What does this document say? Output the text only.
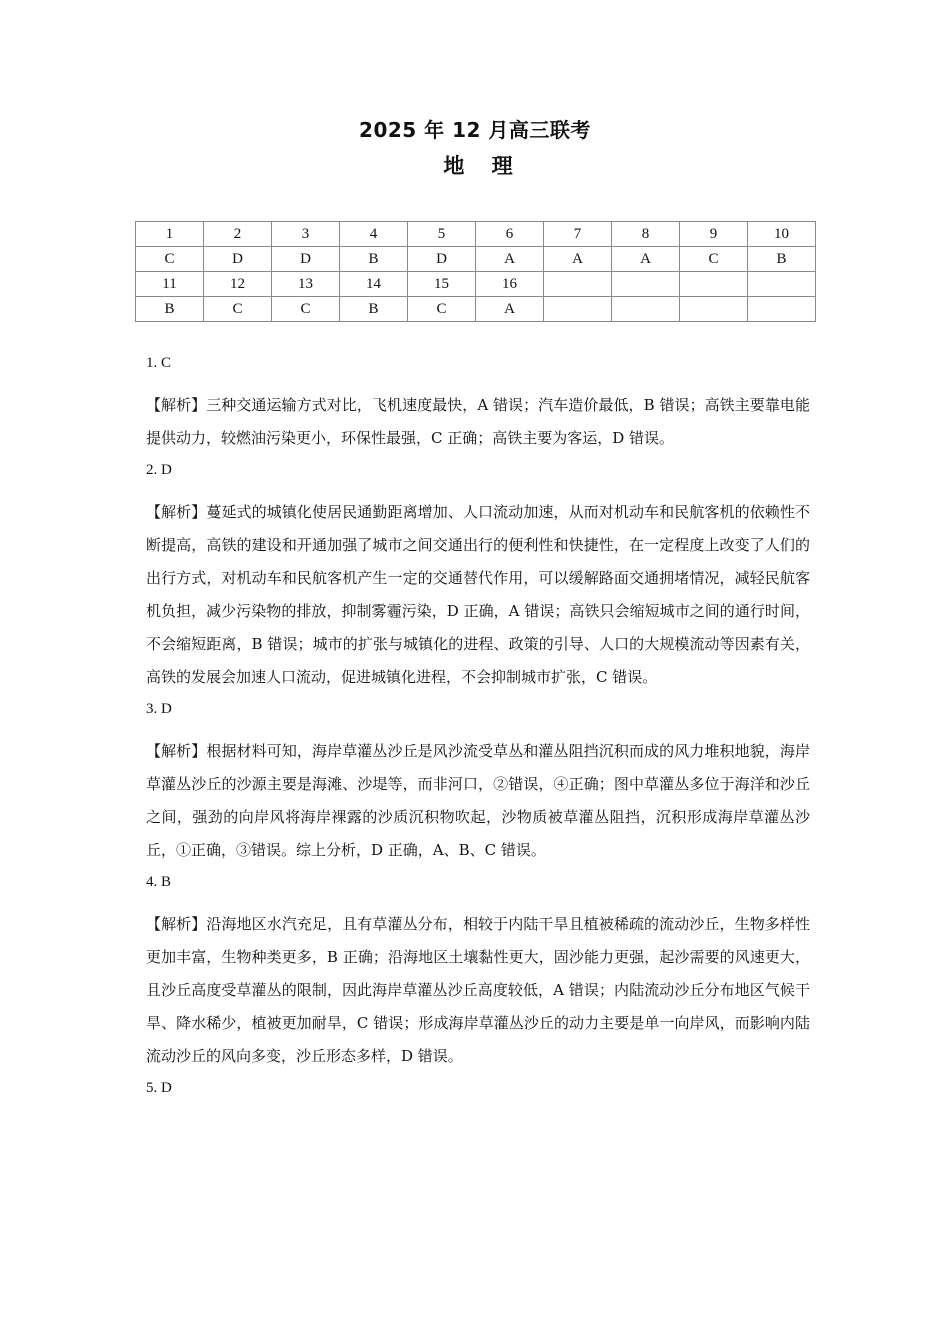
2025 年 12 月高三联考
地 理
1	2	3	4	5	6	7	8	9	10
C	D	D	B	D	A	A	A	C	B
11	12	13	14	15	16				
B	C	C	B	C	A				
1. C
【解析】三种交通运输方式对比，飞机速度最快，A 错误；汽车造价最低，B 错误；高铁主要靠电能提供动力，较燃油污染更小，环保性最强，C 正确；高铁主要为客运，D 错误。
2. D
【解析】蔓延式的城镇化使居民通勤距离增加、人口流动加速，从而对机动车和民航客机的依赖性不断提高，高铁的建设和开通加强了城市之间交通出行的便利性和快捷性，在一定程度上改变了人们的出行方式，对机动车和民航客机产生一定的交通替代作用，可以缓解路面交通拥堵情况，减轻民航客机负担，减少污染物的排放，抑制雾霾污染，D 正确，A 错误；高铁只会缩短城市之间的通行时间，不会缩短距离，B 错误；城市的扩张与城镇化的进程、政策的引导、人口的大规模流动等因素有关，高铁的发展会加速人口流动，促进城镇化进程，不会抑制城市扩张，C 错误。
3. D
【解析】根据材料可知，海岸草灌丛沙丘是风沙流受草丛和灌丛阻挡沉积而成的风力堆积地貌，海岸草灌丛沙丘的沙源主要是海滩、沙堤等，而非河口，②错误，④正确；图中草灌丛多位于海洋和沙丘之间，强劲的向岸风将海岸裸露的沙质沉积物吹起，沙物质被草灌丛阻挡，沉积形成海岸草灌丛沙丘，①正确，③错误。综上分析，D 正确，A、B、C 错误。
4. B
【解析】沿海地区水汽充足，且有草灌丛分布，相较于内陆干旱且植被稀疏的流动沙丘，生物多样性更加丰富，生物种类更多，B 正确；沿海地区土壤黏性更大，固沙能力更强，起沙需要的风速更大，且沙丘高度受草灌丛的限制，因此海岸草灌丛沙丘高度较低，A 错误；内陆流动沙丘分布地区气候干旱、降水稀少，植被更加耐旱，C 错误；形成海岸草灌丛沙丘的动力主要是单一向岸风，而影响内陆流动沙丘的风向多变，沙丘形态多样，D 错误。
5. D
